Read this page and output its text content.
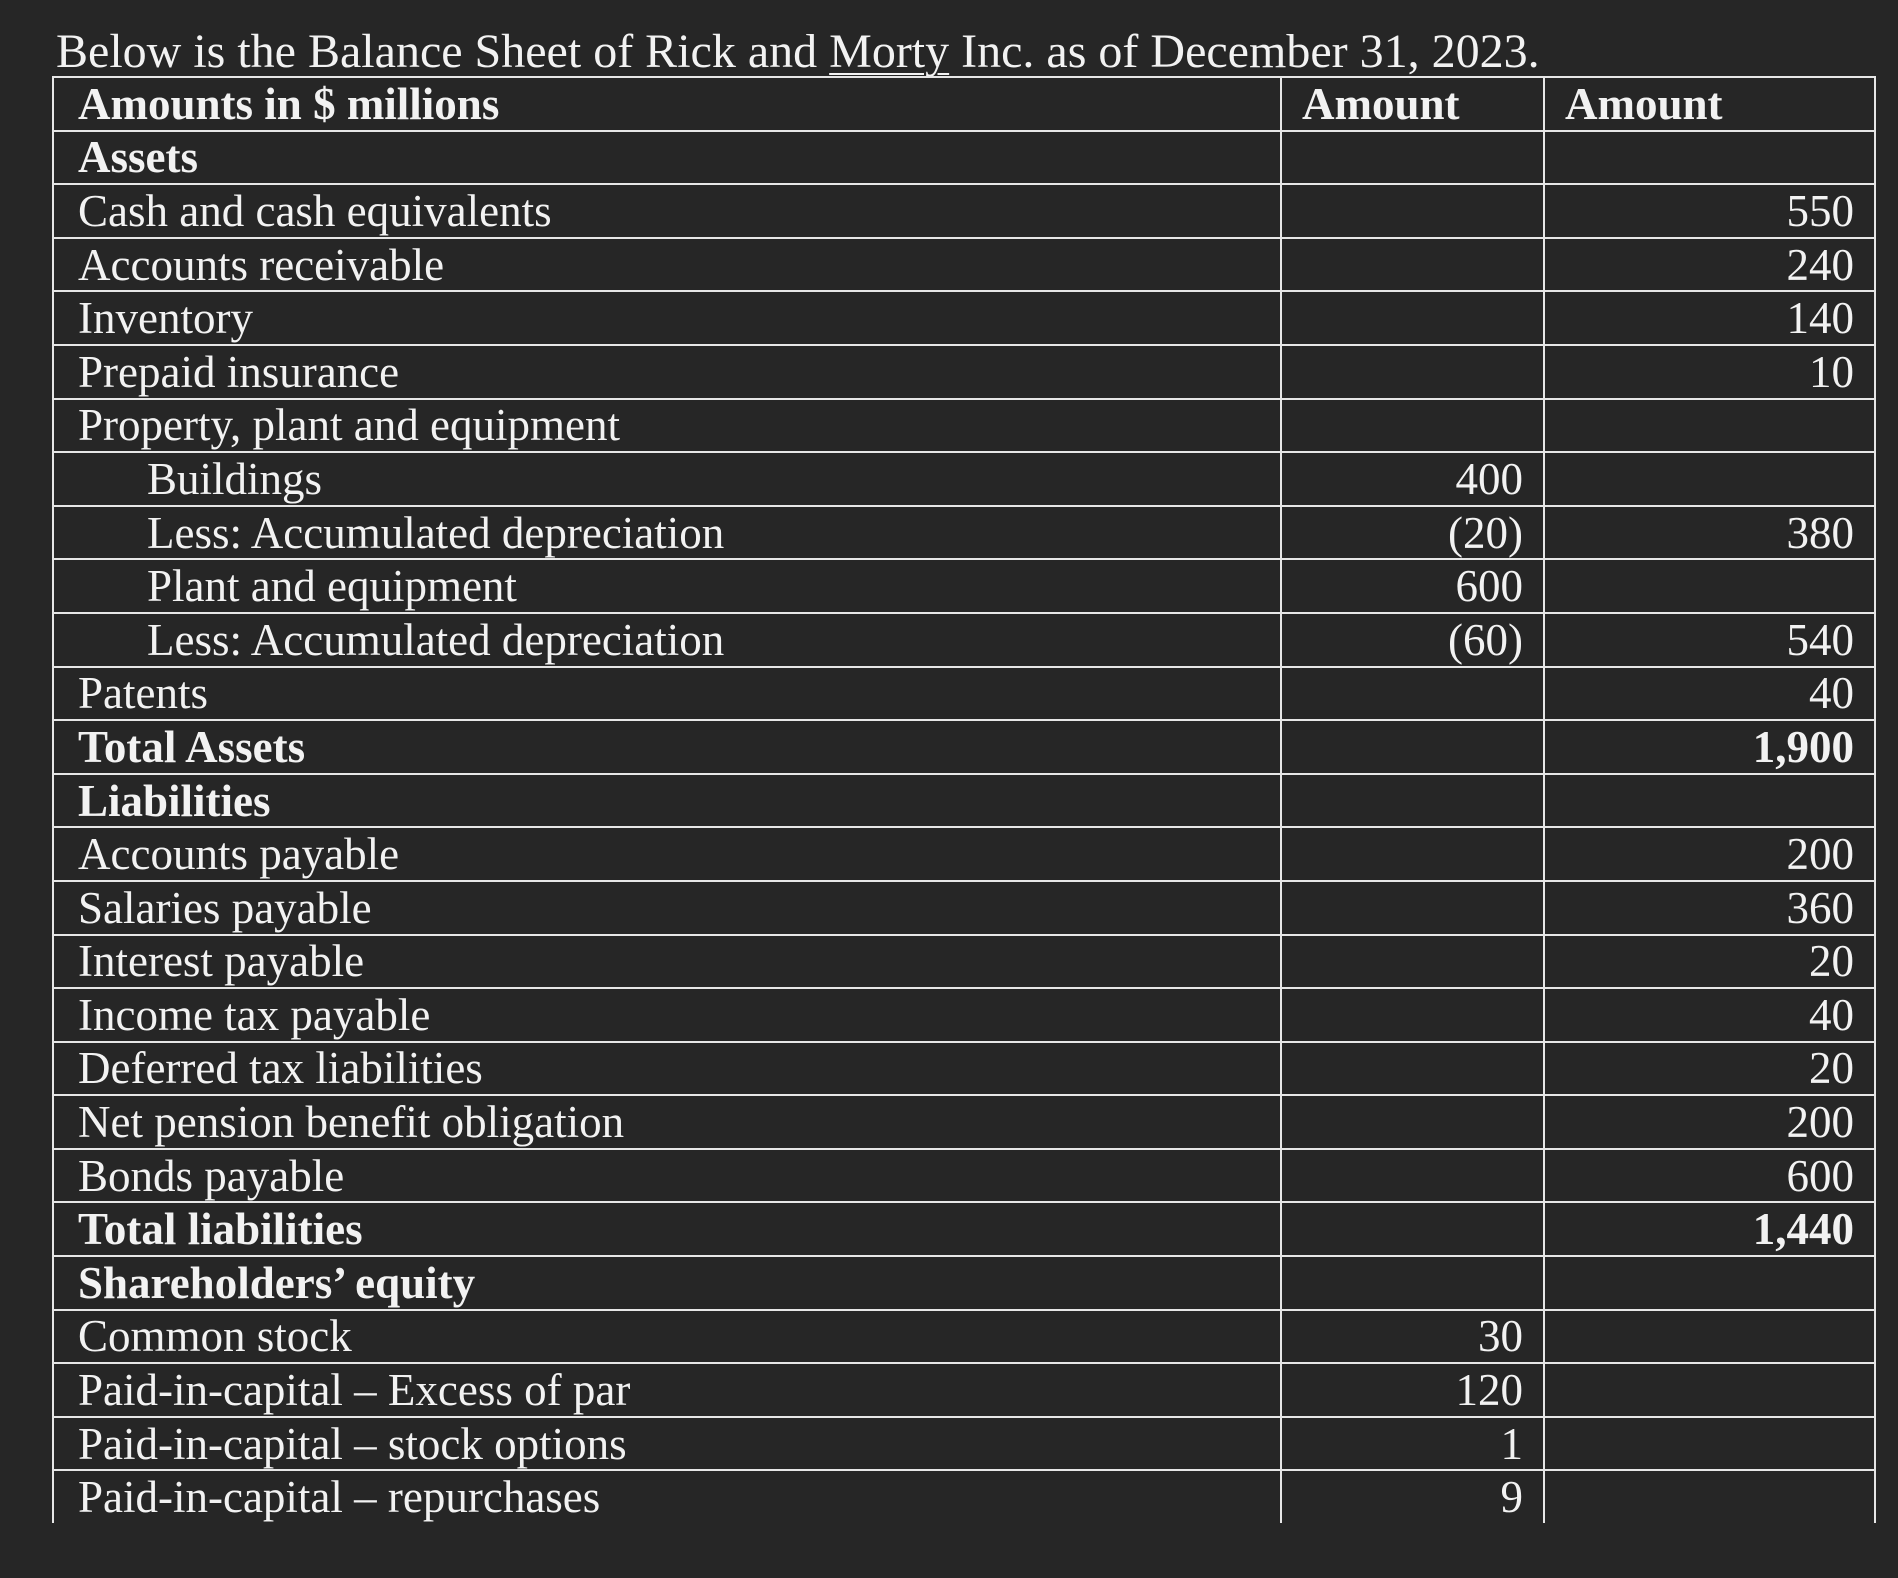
Below is the Balance Sheet of Rick and Morty Inc. as of December 31, 2023.
Amounts in $ millions	Amount	Amount
Assets		
Cash and cash equivalents		550
Accounts receivable		240
Inventory		140
Prepaid insurance		10
Property, plant and equipment		
Buildings	400	
Less: Accumulated depreciation	(20)	380
Plant and equipment	600	
Less: Accumulated depreciation	(60)	540
Patents		40
Total Assets		1,900
Liabilities		
Accounts payable		200
Salaries payable		360
Interest payable		20
Income tax payable		40
Deferred tax liabilities		20
Net pension benefit obligation		200
Bonds payable		600
Total liabilities		1,440
Shareholders’ equity		
Common stock	30	
Paid-in-capital – Excess of par	120	
Paid-in-capital – stock options	1	
Paid-in-capital – repurchases	9	
